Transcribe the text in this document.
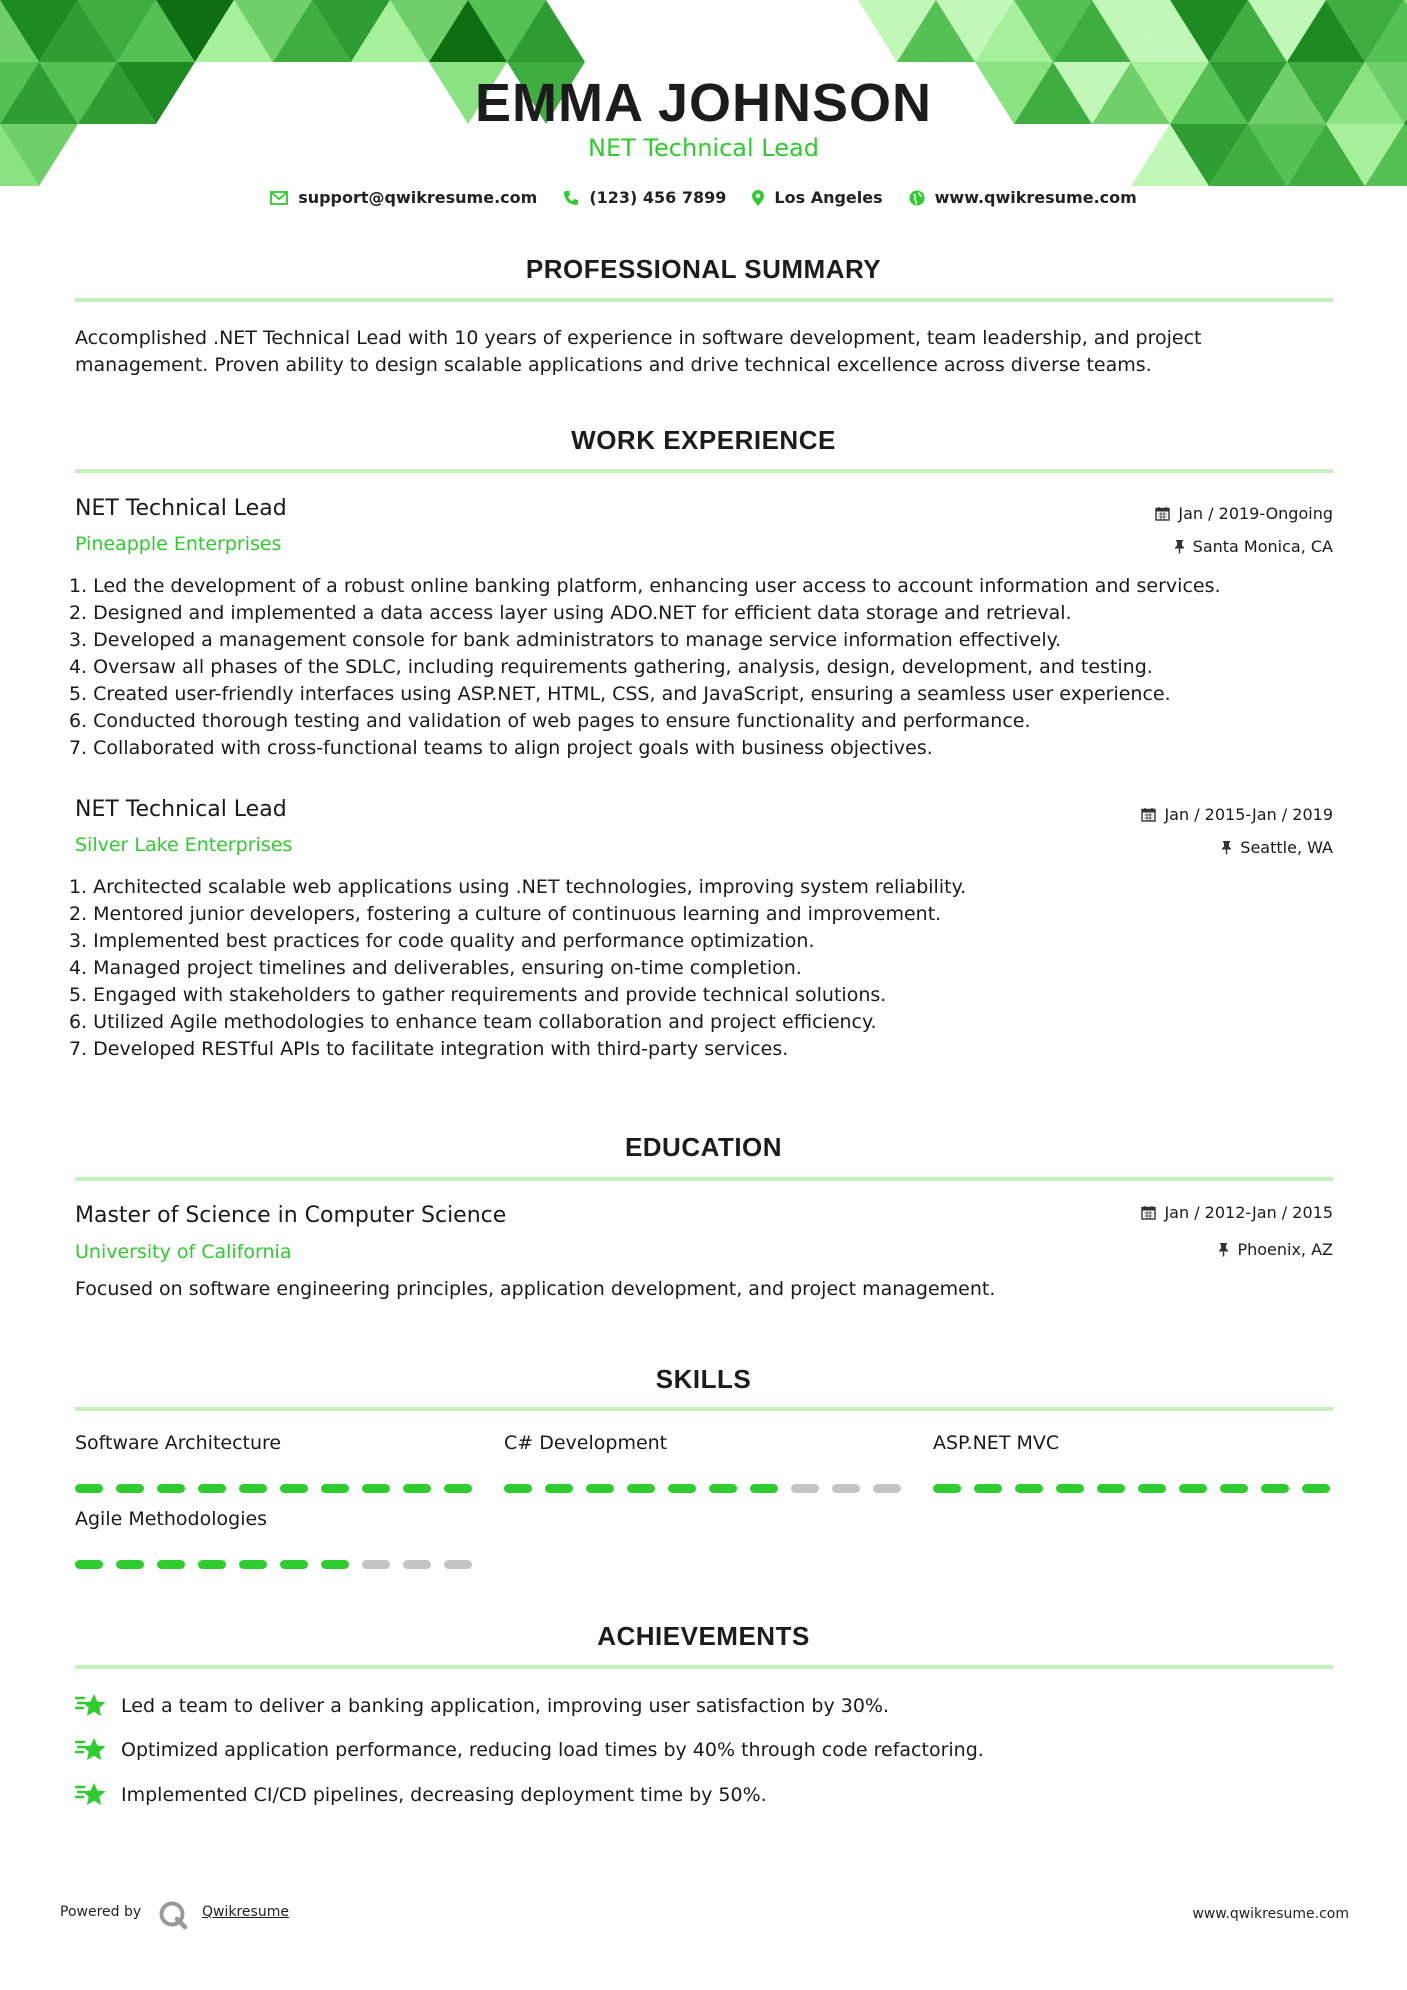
EMMA JOHNSON
NET Technical Lead
support@qwikresume.com	(123) 456 7899	Los Angeles	www.qwikresume.com
PROFESSIONAL SUMMARY
Accomplished .NET Technical Lead with 10 years of experience in software development, team leadership, and project management. Proven ability to design scalable applications and drive technical excellence across diverse teams.
WORK EXPERIENCE
NET Technical Lead	Jan / 2019-Ongoing
Pineapple Enterprises	Santa Monica, CA
1. Led the development of a robust online banking platform, enhancing user access to account information and services.
2. Designed and implemented a data access layer using ADO.NET for efficient data storage and retrieval.
3. Developed a management console for bank administrators to manage service information effectively.
4. Oversaw all phases of the SDLC, including requirements gathering, analysis, design, development, and testing.
5. Created user-friendly interfaces using ASP.NET, HTML, CSS, and JavaScript, ensuring a seamless user experience.
6. Conducted thorough testing and validation of web pages to ensure functionality and performance.
7. Collaborated with cross-functional teams to align project goals with business objectives.
NET Technical Lead	Jan / 2015-Jan / 2019
Silver Lake Enterprises	Seattle, WA
1. Architected scalable web applications using .NET technologies, improving system reliability.
2. Mentored junior developers, fostering a culture of continuous learning and improvement.
3. Implemented best practices for code quality and performance optimization.
4. Managed project timelines and deliverables, ensuring on-time completion.
5. Engaged with stakeholders to gather requirements and provide technical solutions.
6. Utilized Agile methodologies to enhance team collaboration and project efficiency.
7. Developed RESTful APIs to facilitate integration with third-party services.
EDUCATION
Master of Science in Computer Science	Jan / 2012-Jan / 2015
University of California	Phoenix, AZ
Focused on software engineering principles, application development, and project management.
SKILLS
Software Architecture	C# Development	ASP.NET MVC
Agile Methodologies
ACHIEVEMENTS
Led a team to deliver a banking application, improving user satisfaction by 30%.
Optimized application performance, reducing load times by 40% through code refactoring.
Implemented CI/CD pipelines, decreasing deployment time by 50%.
Powered by	Qwikresume	www.qwikresume.com
